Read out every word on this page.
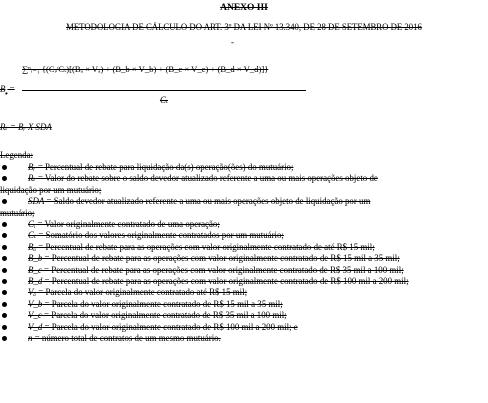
ANEXO III
METODOLOGIA DE CÁLCULO DO ART. 3º DA LEI Nº 13.340, DE 28 DE SETEMBRO DE 2016
-
$B_r$ =
∑ⁿᵢ₌₁ {(Cᵢ/Cₜ)[(Bₐ × Vₐ) + (B_b × V_b) + (B_c × V_c) + (B_d × V_d)]}
Cₜ
Rₜ = Bᵣ X SDA
Legenda:
Bᵣ = Percentual de rebate para liquidação da(s) operação(ões) do mutuário;
Rₜ = Valor do rebate sobre o saldo devedor atualizado referente a uma ou mais operações objeto de
liquidação por um mutuário;
SDA = Saldo devedor atualizado referente a uma ou mais operações objeto de liquidação por um
mutuário;
Cᵢ = Valor originalmente contratado de uma operação;
Cₜ = Somatório dos valores originalmente contratados por um mutuário;
Bₐ = Percentual de rebate para as operações com valor originalmente contratado de até R$ 15 mil;
B_b = Percentual de rebate para as operações com valor originalmente contratado de R$ 15 mil a 35 mil;
B_c = Percentual de rebate para as operações com valor originalmente contratado de R$ 35 mil a 100 mil;
B_d = Percentual de rebate para as operações com valor originalmente contratado de R$ 100 mil a 200 mil;
Vₐ = Parcela do valor originalmente contratado até R$ 15 mil;
V_b = Parcela do valor originalmente contratado de R$ 15 mil a 35 mil;
V_c = Parcela do valor originalmente contratado de R$ 35 mil a 100 mil;
V_d = Parcela do valor originalmente contratado de R$ 100 mil a 200 mil; e
n = número total de contratos de um mesmo mutuário.
